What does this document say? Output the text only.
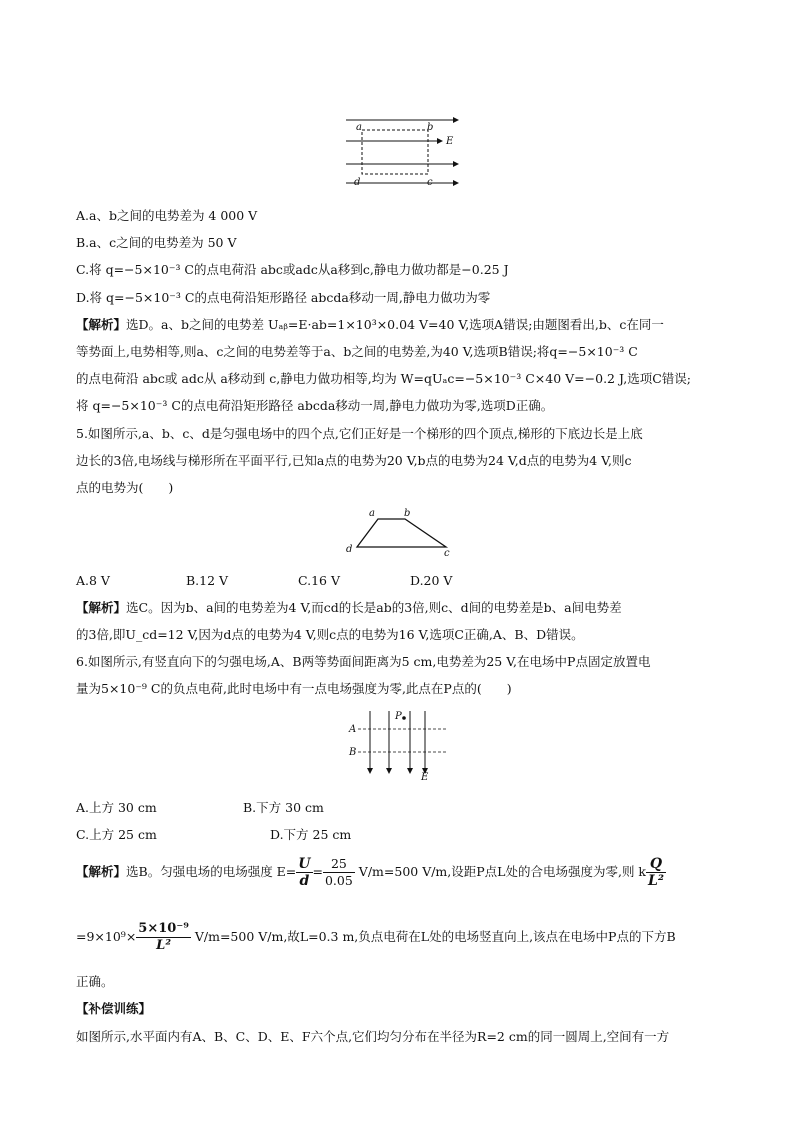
a	b
E
d	c
A.a、b之间的电势差为 4 000 V
B.a、c之间的电势差为 50 V
C.将 q=−5×10⁻³ C的点电荷沿 abc或adc从a移到c,静电力做功都是−0.25 J
D.将 q=−5×10⁻³ C的点电荷沿矩形路径 abcda移动一周,静电力做功为零
【解析】选D。a、b之间的电势差 Uₐᵦ=E·ab=1×10³×0.04 V=40 V,选项A错误;由题图看出,b、c在同一
等势面上,电势相等,则a、c之间的电势差等于a、b之间的电势差,为40 V,选项B错误;将q=−5×10⁻³ C
的点电荷沿 abc或 adc从 a移动到 c,静电力做功相等,均为 W=qUₐc=−5×10⁻³ C×40 V=−0.2 J,选项C错误;
将 q=−5×10⁻³ C的点电荷沿矩形路径 abcda移动一周,静电力做功为零,选项D正确。
5.如图所示,a、b、c、d是匀强电场中的四个点,它们正好是一个梯形的四个顶点,梯形的下底边长是上底
边长的3倍,电场线与梯形所在平面平行,已知a点的电势为20 V,b点的电势为24 V,d点的电势为4 V,则c
点的电势为(　　)
a	b
d	c
A.8 V	B.12 V	C.16 V	D.20 V
【解析】选C。因为b、a间的电势差为4 V,而cd的长是ab的3倍,则c、d间的电势差是b、a间电势差
的3倍,即U_cd=12 V,因为d点的电势为4 V,则c点的电势为16 V,选项C正确,A、B、D错误。
6.如图所示,有竖直向下的匀强电场,A、B两等势面间距离为5 cm,电势差为25 V,在电场中P点固定放置电
量为5×10⁻⁹ C的负点电荷,此时电场中有一点电场强度为零,此点在P点的(　　)
P
A
B
E
A.上方 30 cm	B.下方 30 cm
C.上方 25 cm	D.下方 25 cm
【解析】选B。匀强电场的电场强度 $E= \frac{U}{d} = \frac{25}{0.05} V/m=500$ V/m,设距P点L处的合电场强度为零,则 k $\frac{Q}{\text{L²}}$
$=9\times 10^9\times \frac{\text{5×10⁻⁹}}{\text{L²}} V/m=500$ V/m,故L=0.3 m,负点电荷在L处的电场竖直向上,该点在电场中P点的下方B
正确。
【补偿训练】
如图所示,水平面内有A、B、C、D、E、F六个点,它们均匀分布在半径为R=2 cm的同一圆周上,空间有一方
